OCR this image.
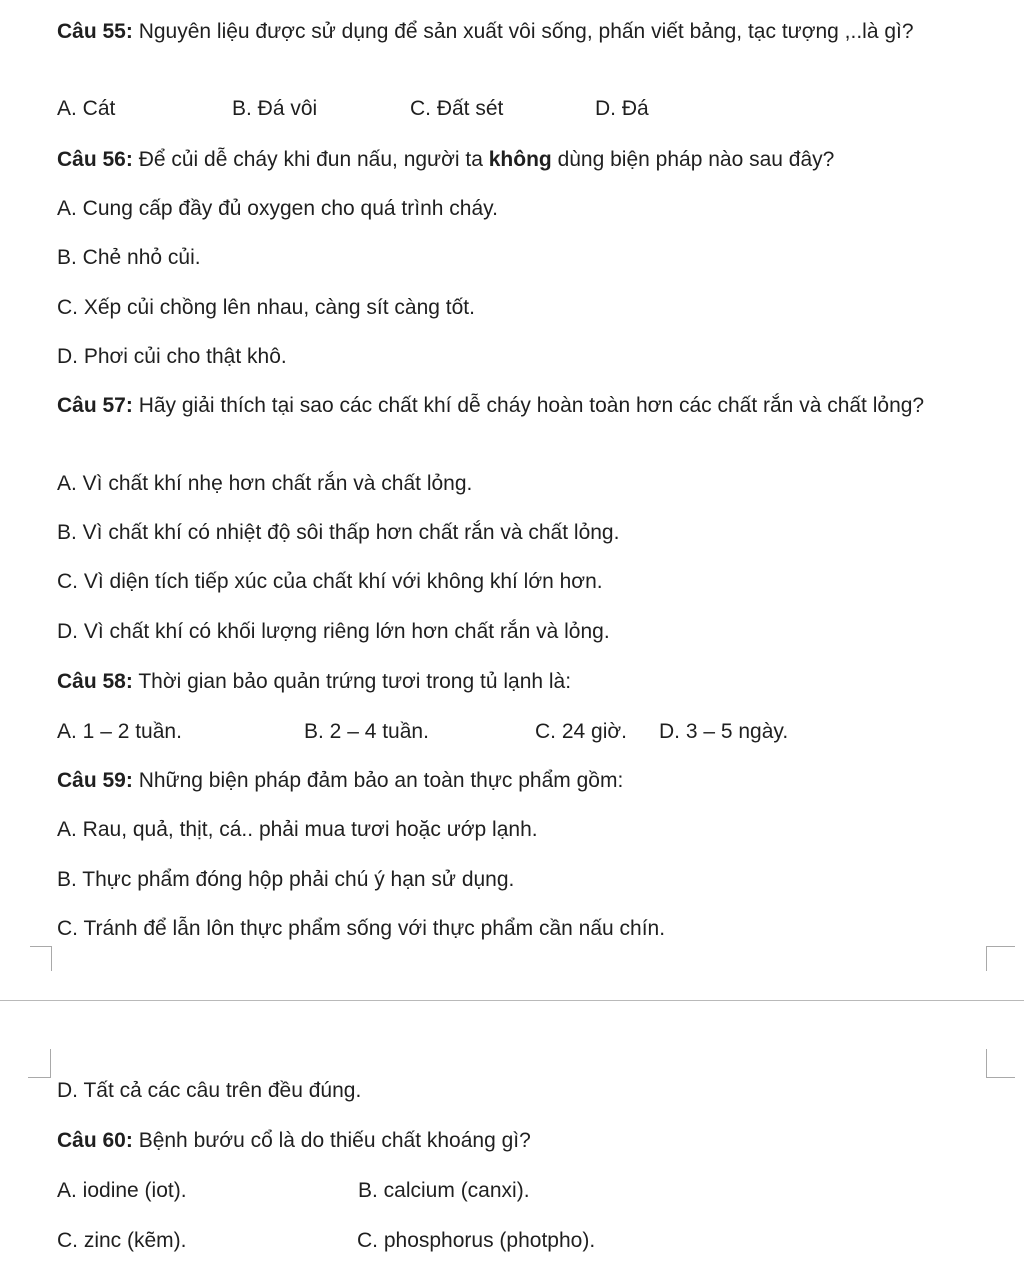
Câu 55: Nguyên liệu được sử dụng để sản xuất vôi sống, phấn viết bảng, tạc tượng ,..là gì?
A. Cát	B. Đá vôi	C. Đất sét	D. Đá
Câu 56: Để củi dễ cháy khi đun nấu, người ta không dùng biện pháp nào sau đây?
A. Cung cấp đầy đủ oxygen cho quá trình cháy.
B. Chẻ nhỏ củi.
C. Xếp củi chồng lên nhau, càng sít càng tốt.
D. Phơi củi cho thật khô.
Câu 57: Hãy giải thích tại sao các chất khí dễ cháy hoàn toàn hơn các chất rắn và chất lỏng?
A. Vì chất khí nhẹ hơn chất rắn và chất lỏng.
B. Vì chất khí có nhiệt độ sôi thấp hơn chất rắn và chất lỏng.
C. Vì diện tích tiếp xúc của chất khí với không khí lớn hơn.
D. Vì chất khí có khối lượng riêng lớn hơn chất rắn và lỏng.
Câu 58: Thời gian bảo quản trứng tươi trong tủ lạnh là:
A. 1 – 2 tuần.	B. 2 – 4 tuần.	C. 24 giờ. D. 3 – 5 ngày.
Câu 59: Những biện pháp đảm bảo an toàn thực phẩm gồm:
A. Rau, quả, thịt, cá.. phải mua tươi hoặc ướp lạnh.
B. Thực phẩm đóng hộp phải chú ý hạn sử dụng.
C. Tránh để lẫn lôn thực phẩm sống với thực phẩm cần nấu chín.
D. Tất cả các câu trên đều đúng.
Câu 60: Bệnh bướu cổ là do thiếu chất khoáng gì?
A. iodine (iot).	B. calcium (canxi).
C. zinc (kẽm).	C. phosphorus (photpho).
